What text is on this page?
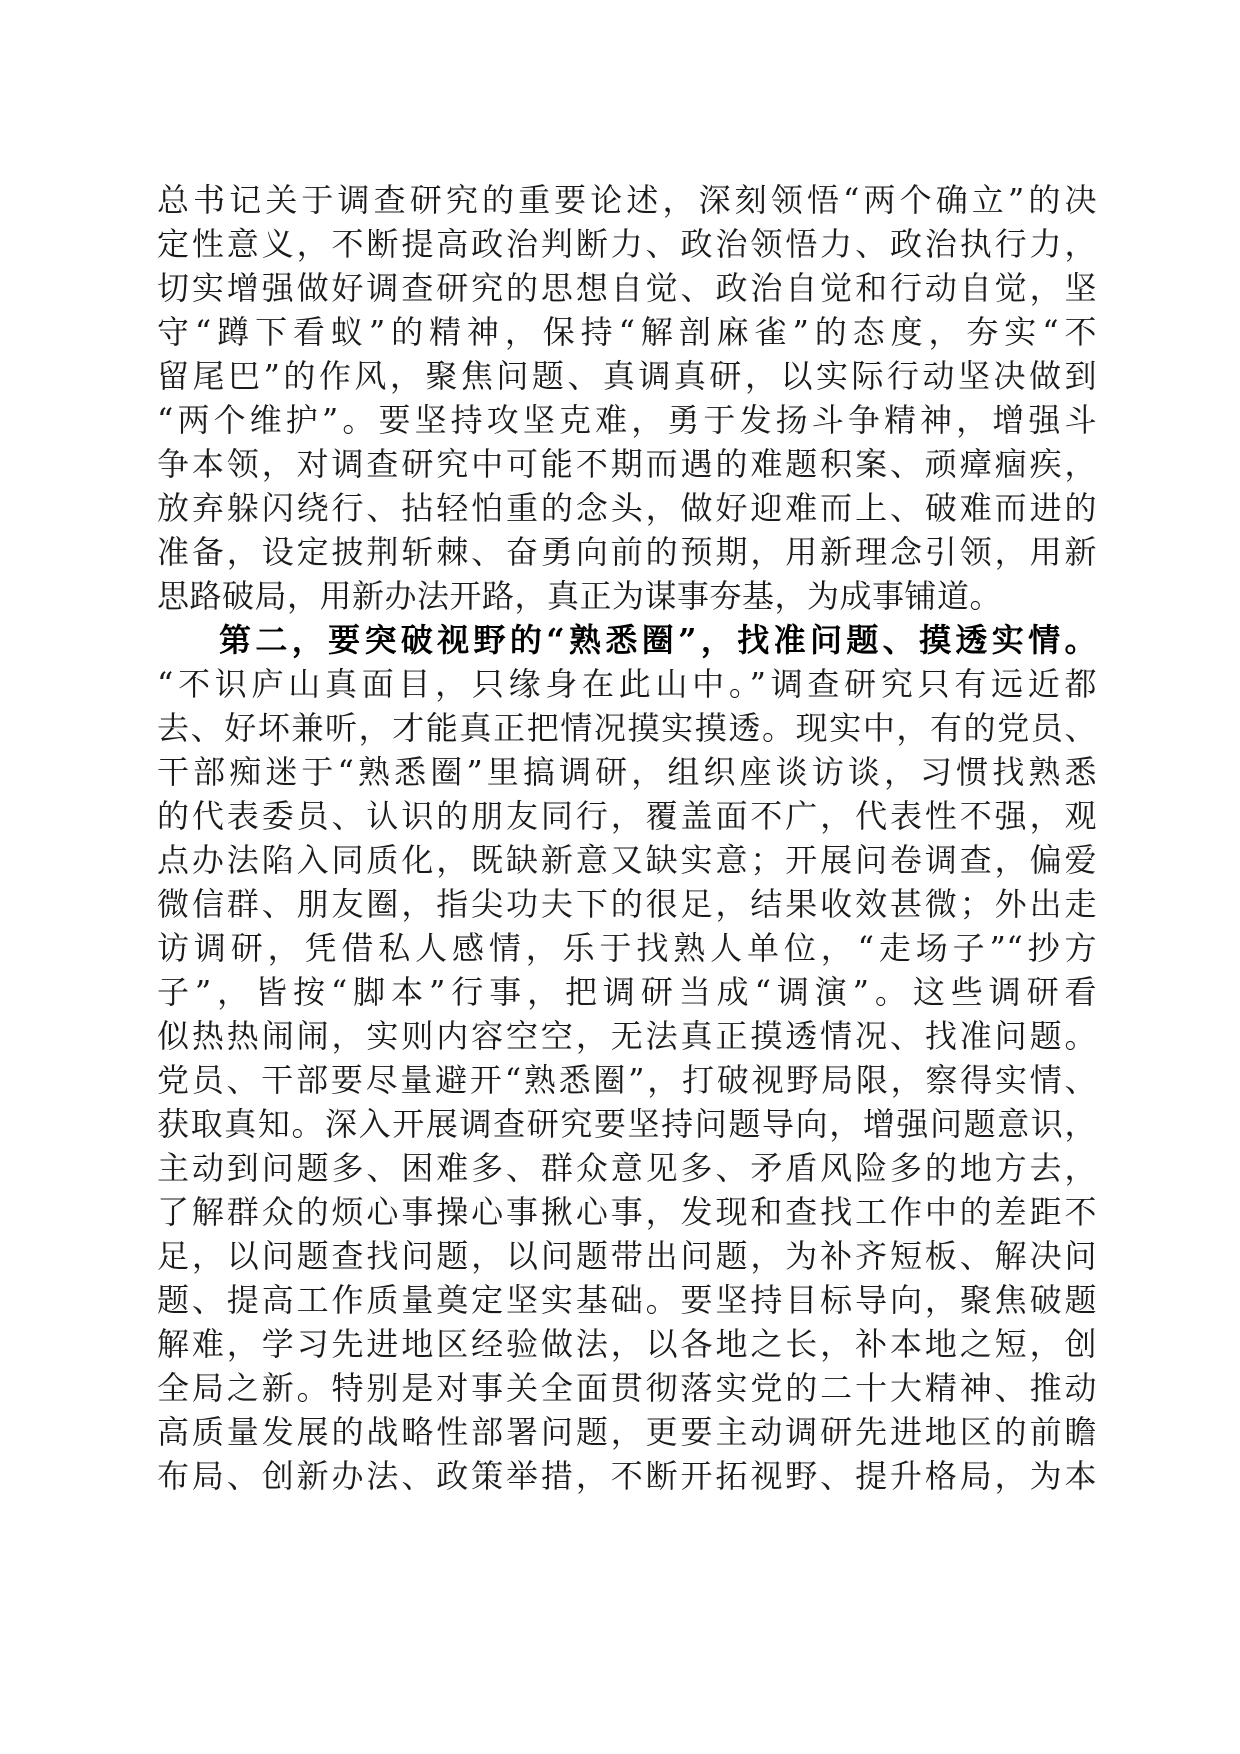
总书记关于调查研究的重要论述，深刻领悟“两个确立”的决
定性意义，不断提高政治判断力、政治领悟力、政治执行力，
切实增强做好调查研究的思想自觉、政治自觉和行动自觉，坚
守“蹲下看蚁”的精神，保持“解剖麻雀”的态度，夯实“不
留尾巴”的作风，聚焦问题、真调真研，以实际行动坚决做到
“两个维护”。要坚持攻坚克难，勇于发扬斗争精神，增强斗
争本领，对调查研究中可能不期而遇的难题积案、顽瘴痼疾，
放弃躲闪绕行、拈轻怕重的念头，做好迎难而上、破难而进的
准备，设定披荆斩棘、奋勇向前的预期，用新理念引领，用新
思路破局，用新办法开路，真正为谋事夯基，为成事铺道。
第二，要突破视野的“熟悉圈”，找准问题、摸透实情。
“不识庐山真面目，只缘身在此山中。”调查研究只有远近都
去、好坏兼听，才能真正把情况摸实摸透。现实中，有的党员、
干部痴迷于“熟悉圈”里搞调研，组织座谈访谈，习惯找熟悉
的代表委员、认识的朋友同行，覆盖面不广，代表性不强，观
点办法陷入同质化，既缺新意又缺实意；开展问卷调查，偏爱
微信群、朋友圈，指尖功夫下的很足，结果收效甚微；外出走
访调研，凭借私人感情，乐于找熟人单位，“走场子”“抄方
子”，皆按“脚本”行事，把调研当成“调演”。这些调研看
似热热闹闹，实则内容空空，无法真正摸透情况、找准问题。
党员、干部要尽量避开“熟悉圈”，打破视野局限，察得实情、
获取真知。深入开展调查研究要坚持问题导向，增强问题意识，
主动到问题多、困难多、群众意见多、矛盾风险多的地方去，
了解群众的烦心事操心事揪心事，发现和查找工作中的差距不
足，以问题查找问题，以问题带出问题，为补齐短板、解决问
题、提高工作质量奠定坚实基础。要坚持目标导向，聚焦破题
解难，学习先进地区经验做法，以各地之长，补本地之短，创
全局之新。特别是对事关全面贯彻落实党的二十大精神、推动
高质量发展的战略性部署问题，更要主动调研先进地区的前瞻
布局、创新办法、政策举措，不断开拓视野、提升格局，为本
